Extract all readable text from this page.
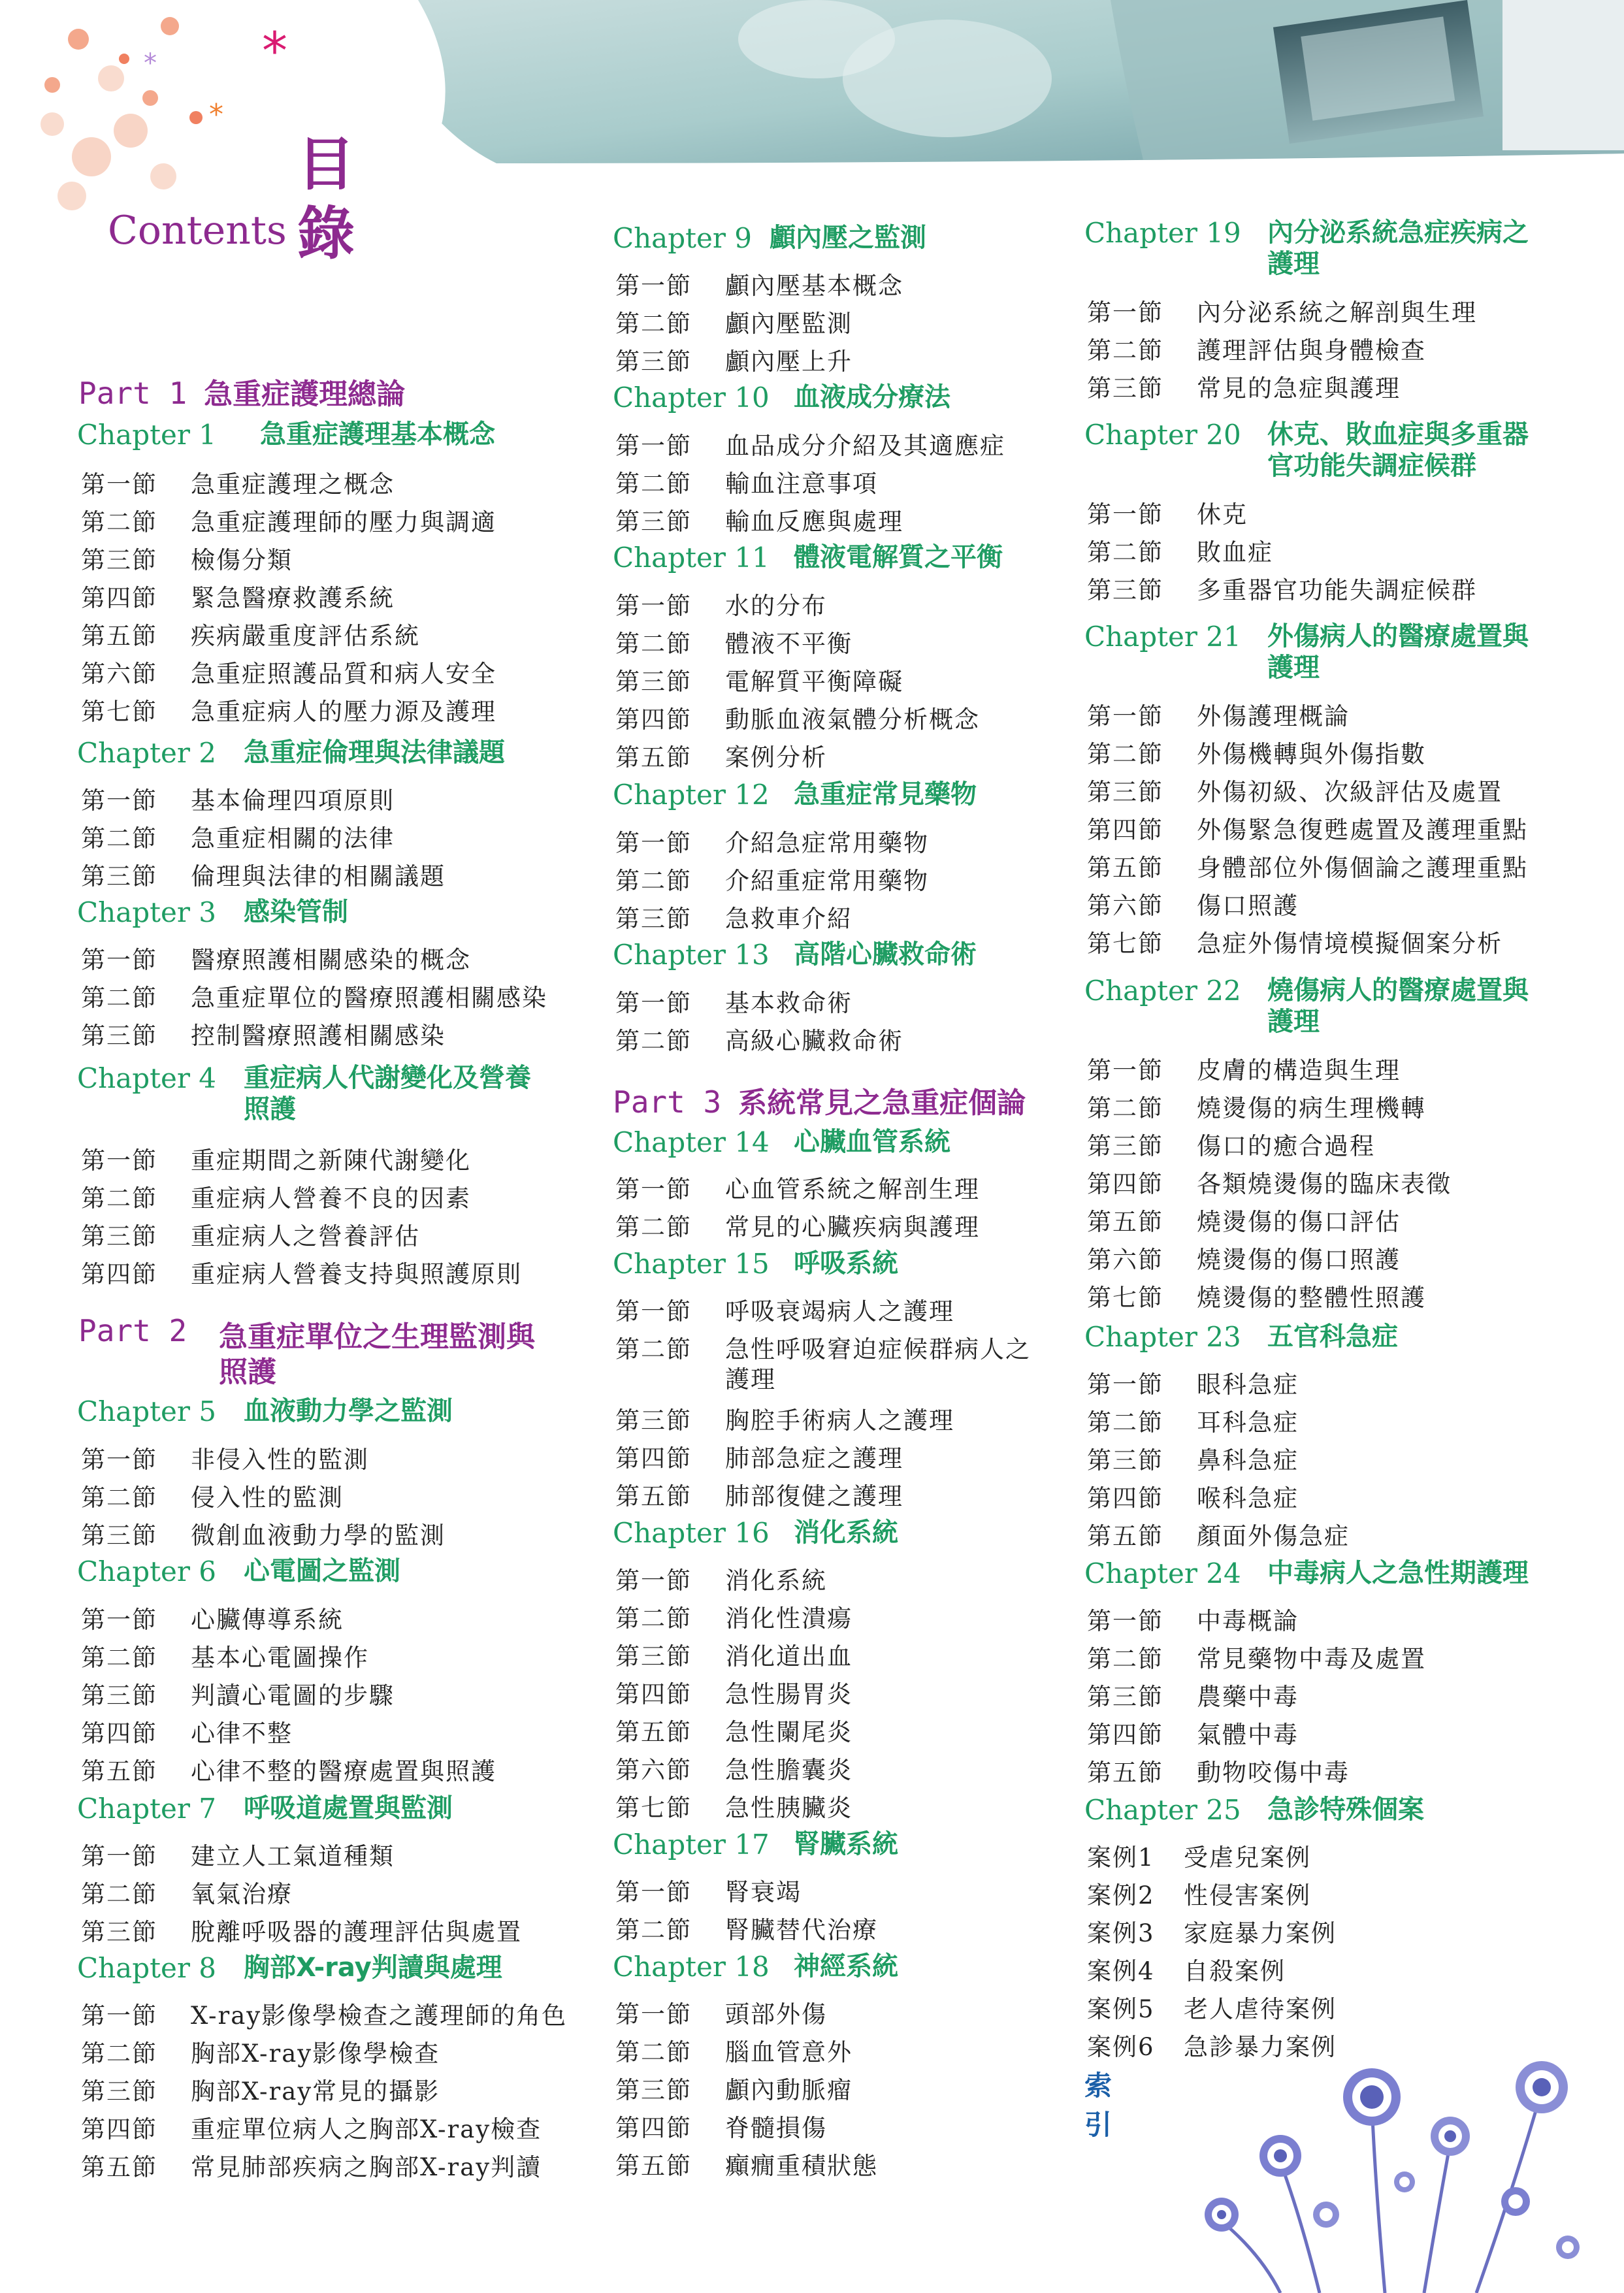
*
*
*
目
錄
Contents
Part 1 急重症護理總論
Chapter 1 急重症護理基本概念
第一節 急重症護理之概念
第二節 急重症護理師的壓力與調適
第三節 檢傷分類
第四節 緊急醫療救護系統
第五節 疾病嚴重度評估系統
第六節 急重症照護品質和病人安全
第七節 急重症病人的壓力源及護理
Chapter 2 急重症倫理與法律議題
第一節 基本倫理四項原則
第二節 急重症相關的法律
第三節 倫理與法律的相關議題
Chapter 3 感染管制
第一節 醫療照護相關感染的概念
第二節 急重症單位的醫療照護相關感染
第三節 控制醫療照護相關感染
Chapter 4 重症病人代謝變化及營養
照護
第一節 重症期間之新陳代謝變化
第二節 重症病人營養不良的因素
第三節 重症病人之營養評估
第四節 重症病人營養支持與照護原則
Part 2 急重症單位之生理監測與
照護
Chapter 5 血液動力學之監測
第一節 非侵入性的監測
第二節 侵入性的監測
第三節 微創血液動力學的監測
Chapter 6 心電圖之監測
第一節 心臟傳導系統
第二節 基本心電圖操作
第三節 判讀心電圖的步驟
第四節 心律不整
第五節 心律不整的醫療處置與照護
Chapter 7 呼吸道處置與監測
第一節 建立人工氣道種類
第二節 氧氣治療
第三節 脫離呼吸器的護理評估與處置
Chapter 8 胸部X-ray判讀與處理
第一節 X-ray影像學檢查之護理師的角色
第二節 胸部X-ray影像學檢查
第三節 胸部X-ray常見的攝影
第四節 重症單位病人之胸部X-ray檢查
第五節 常見肺部疾病之胸部X-ray判讀
Chapter 9 顱內壓之監測
第一節 顱內壓基本概念
第二節 顱內壓監測
第三節 顱內壓上升
Chapter 10 血液成分療法
第一節 血品成分介紹及其適應症
第二節 輸血注意事項
第三節 輸血反應與處理
Chapter 11 體液電解質之平衡
第一節 水的分布
第二節 體液不平衡
第三節 電解質平衡障礙
第四節 動脈血液氣體分析概念
第五節 案例分析
Chapter 12 急重症常見藥物
第一節 介紹急症常用藥物
第二節 介紹重症常用藥物
第三節 急救車介紹
Chapter 13 高階心臟救命術
第一節 基本救命術
第二節 高級心臟救命術
Part 3 系統常見之急重症個論
Chapter 14 心臟血管系統
第一節 心血管系統之解剖生理
第二節 常見的心臟疾病與護理
Chapter 15 呼吸系統
第一節 呼吸衰竭病人之護理
第二節 急性呼吸窘迫症候群病人之
護理
第三節 胸腔手術病人之護理
第四節 肺部急症之護理
第五節 肺部復健之護理
Chapter 16 消化系統
第一節 消化系統
第二節 消化性潰瘍
第三節 消化道出血
第四節 急性腸胃炎
第五節 急性闌尾炎
第六節 急性膽囊炎
第七節 急性胰臟炎
Chapter 17 腎臟系統
第一節 腎衰竭
第二節 腎臟替代治療
Chapter 18 神經系統
第一節 頭部外傷
第二節 腦血管意外
第三節 顱內動脈瘤
第四節 脊髓損傷
第五節 癲癇重積狀態
Chapter 19 內分泌系統急症疾病之
護理
第一節 內分泌系統之解剖與生理
第二節 護理評估與身體檢查
第三節 常見的急症與護理
Chapter 20 休克、敗血症與多重器
官功能失調症候群
第一節 休克
第二節 敗血症
第三節 多重器官功能失調症候群
Chapter 21 外傷病人的醫療處置與
護理
第一節 外傷護理概論
第二節 外傷機轉與外傷指數
第三節 外傷初級、次級評估及處置
第四節 外傷緊急復甦處置及護理重點
第五節 身體部位外傷個論之護理重點
第六節 傷口照護
第七節 急症外傷情境模擬個案分析
Chapter 22 燒傷病人的醫療處置與
護理
第一節 皮膚的構造與生理
第二節 燒燙傷的病生理機轉
第三節 傷口的癒合過程
第四節 各類燒燙傷的臨床表徵
第五節 燒燙傷的傷口評估
第六節 燒燙傷的傷口照護
第七節 燒燙傷的整體性照護
Chapter 23 五官科急症
第一節 眼科急症
第二節 耳科急症
第三節 鼻科急症
第四節 喉科急症
第五節 顏面外傷急症
Chapter 24 中毒病人之急性期護理
第一節 中毒概論
第二節 常見藥物中毒及處置
第三節 農藥中毒
第四節 氣體中毒
第五節 動物咬傷中毒
Chapter 25 急診特殊個案
案例1 受虐兒案例
案例2 性侵害案例
案例3 家庭暴力案例
案例4 自殺案例
案例5 老人虐待案例
案例6 急診暴力案例
索引
